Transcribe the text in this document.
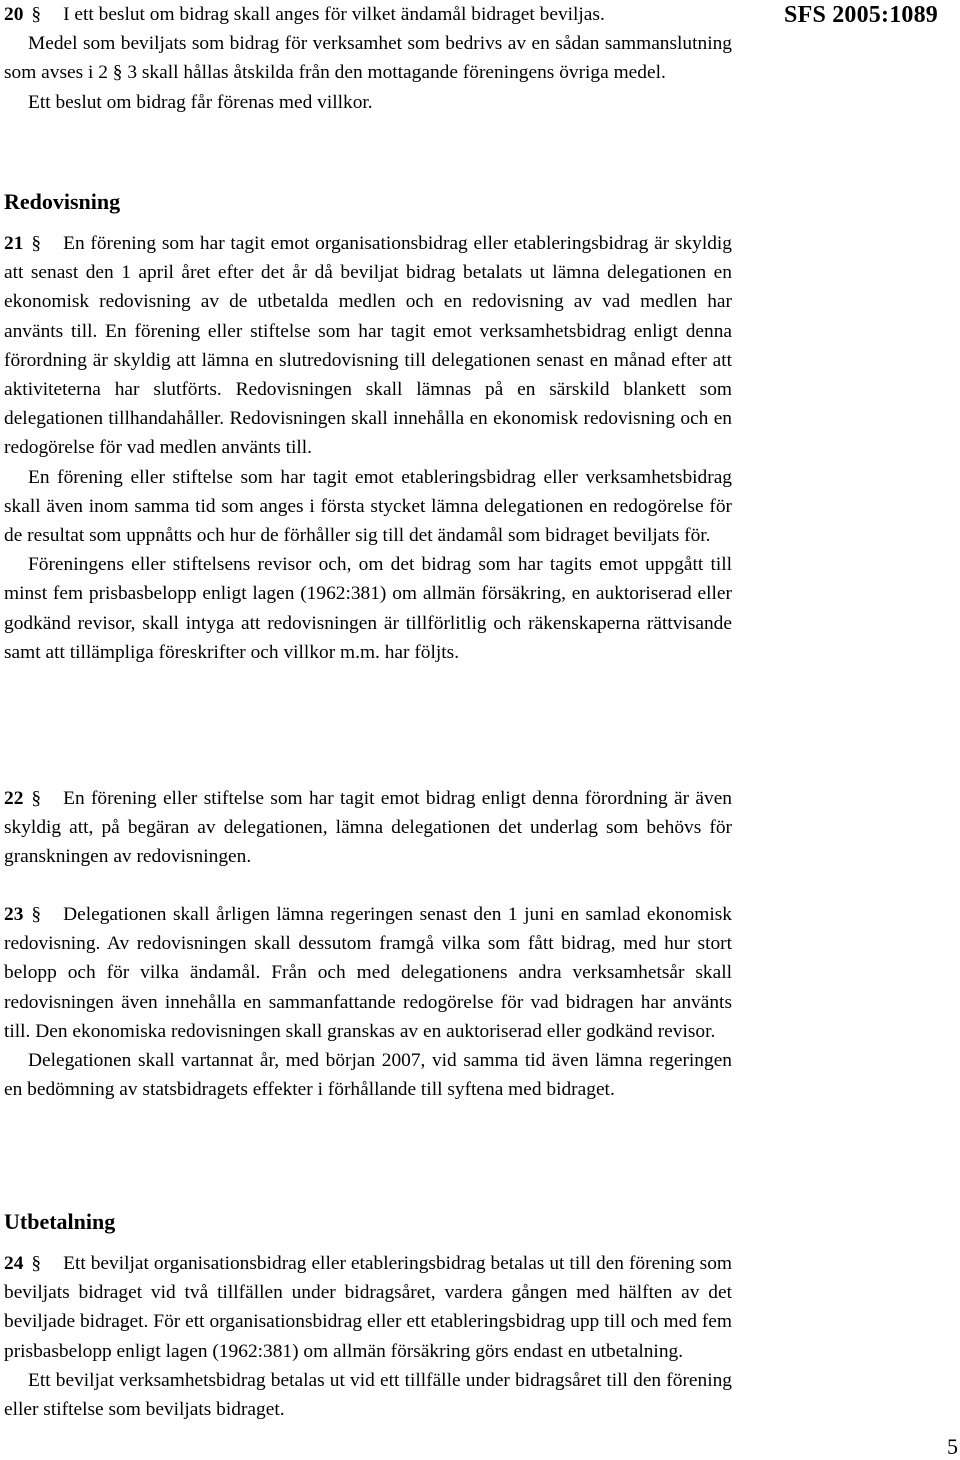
SFS 2005:1089

20 § I ett beslut om bidrag skall anges för vilket ändamål bidraget beviljas.

Medel som beviljats som bidrag för verksamhet som bedrivs av en sådan sammanslutning som avses i 2 § 3 skall hållas åtskilda från den mottagande föreningens övriga medel.

Ett beslut om bidrag får förenas med villkor.

Redovisning

21 § En förening som har tagit emot organisationsbidrag eller etableringsbidrag är skyldig att senast den 1 april året efter det år då beviljat bidrag betalats ut lämna delegationen en ekonomisk redovisning av de utbetalda medlen och en redovisning av vad medlen har använts till. En förening eller stiftelse som har tagit emot verksamhetsbidrag enligt denna förordning är skyldig att lämna en slutredovisning till delegationen senast en månad efter att aktiviteterna har slutförts. Redovisningen skall lämnas på en särskild blankett som delegationen tillhandahåller. Redovisningen skall innehålla en ekonomisk redovisning och en redogörelse för vad medlen använts till.

En förening eller stiftelse som har tagit emot etableringsbidrag eller verksamhetsbidrag skall även inom samma tid som anges i första stycket lämna delegationen en redogörelse för de resultat som uppnåtts och hur de förhåller sig till det ändamål som bidraget beviljats för.

Föreningens eller stiftelsens revisor och, om det bidrag som har tagits emot uppgått till minst fem prisbasbelopp enligt lagen (1962:381) om allmän försäkring, en auktoriserad eller godkänd revisor, skall intyga att redovisningen är tillförlitlig och räkenskaperna rättvisande samt att tillämpliga föreskrifter och villkor m.m. har följts.

22 § En förening eller stiftelse som har tagit emot bidrag enligt denna förordning är även skyldig att, på begäran av delegationen, lämna delegationen det underlag som behövs för granskningen av redovisningen.

23 § Delegationen skall årligen lämna regeringen senast den 1 juni en samlad ekonomisk redovisning. Av redovisningen skall dessutom framgå vilka som fått bidrag, med hur stort belopp och för vilka ändamål. Från och med delegationens andra verksamhetsår skall redovisningen även innehålla en sammanfattande redogörelse för vad bidragen har använts till. Den ekonomiska redovisningen skall granskas av en auktoriserad eller godkänd revisor.

Delegationen skall vartannat år, med början 2007, vid samma tid även lämna regeringen en bedömning av statsbidragets effekter i förhållande till syftena med bidraget.

Utbetalning

24 § Ett beviljat organisationsbidrag eller etableringsbidrag betalas ut till den förening som beviljats bidraget vid två tillfällen under bidragsåret, vardera gången med hälften av det beviljade bidraget. För ett organisationsbidrag eller ett etableringsbidrag upp till och med fem prisbasbelopp enligt lagen (1962:381) om allmän försäkring görs endast en utbetalning.

Ett beviljat verksamhetsbidrag betalas ut vid ett tillfälle under bidragsåret till den förening eller stiftelse som beviljats bidraget.

5
